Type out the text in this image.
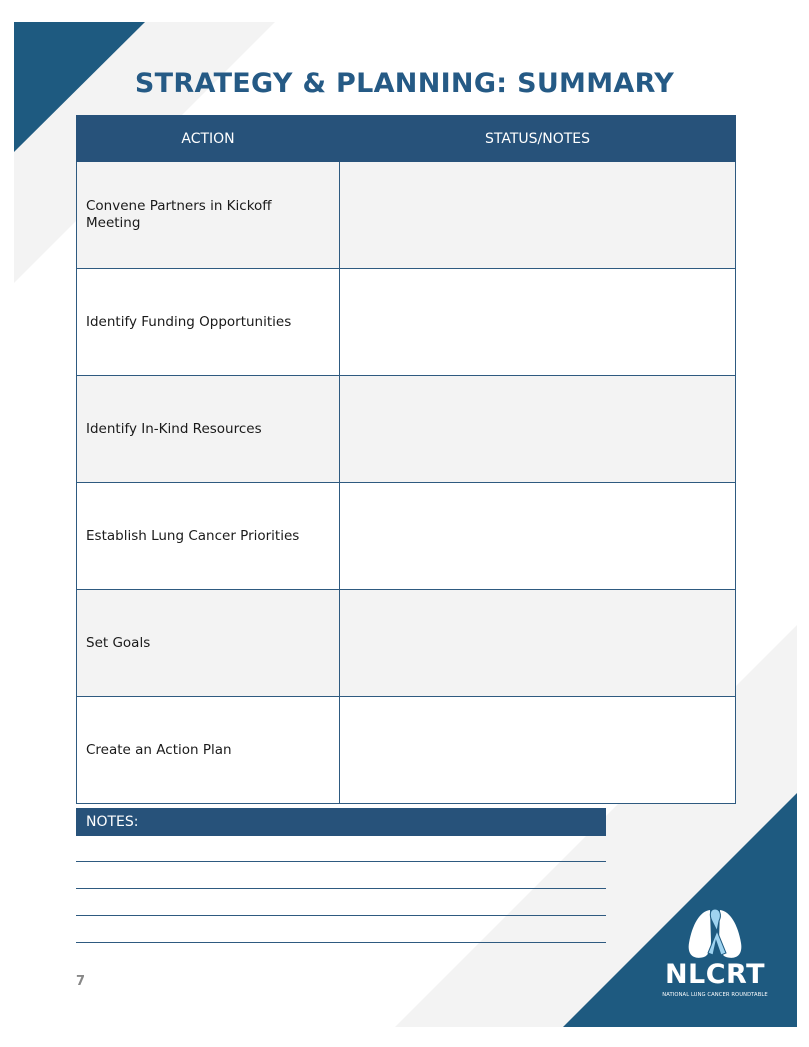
STRATEGY & PLANNING: SUMMARY
ACTION	STATUS/NOTES
Convene Partners in Kickoff Meeting	
Identify Funding Opportunities	
Identify In-Kind Resources	
Establish Lung Cancer Priorities	
Set Goals	
Create an Action Plan	
NOTES:
7	NLCRT
NATIONAL LUNG CANCER ROUNDTABLE
